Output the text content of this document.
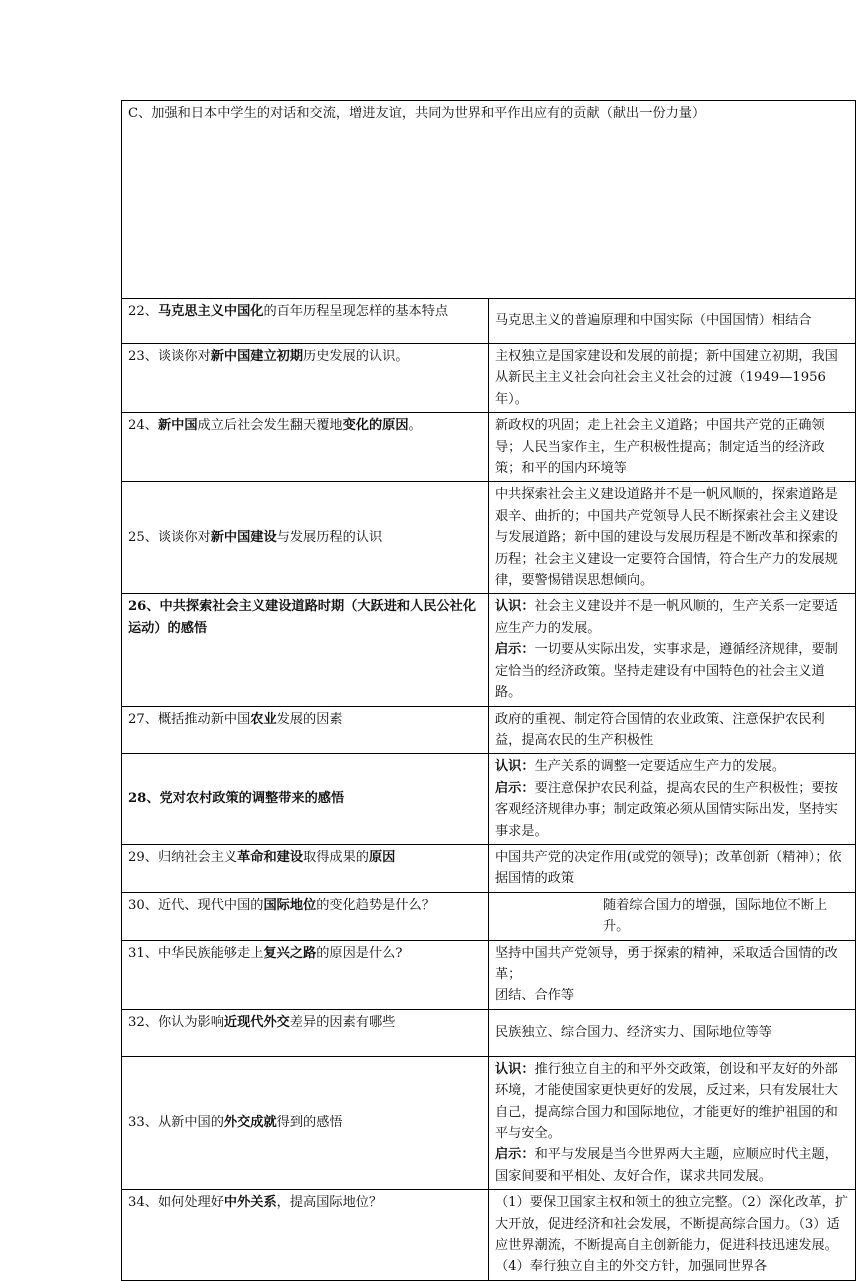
C、加强和日本中学生的对话和交流，增进友谊，共同为世界和平作出应有的贡献（献出一份力量）	

22、马克思主义中国化的百年历程呈现怎样的基本特点	马克思主义的普遍原理和中国实际（中国国情）相结合

23、谈谈你对新中国建立初期历史发展的认识。	主权独立是国家建设和发展的前提；新中国建立初期，我国从新民主主义社会向社会主义社会的过渡（1949—1956年）。

24、新中国成立后社会发生翻天覆地变化的原因。	新政权的巩固；走上社会主义道路；中国共产党的正确领导；人民当家作主，生产积极性提高；制定适当的经济政策；和平的国内环境等

25、谈谈你对新中国建设与发展历程的认识	中共探索社会主义建设道路并不是一帆风顺的，探索道路是艰辛、曲折的；中国共产党领导人民不断探索社会主义建设与发展道路；新中国的建设与发展历程是不断改革和探索的历程；社会主义建设一定要符合国情，符合生产力的发展规律，要警惕错误思想倾向。

26、中共探索社会主义建设道路时期（大跃进和人民公社化运动）的感悟	认识：社会主义建设并不是一帆风顺的，生产关系一定要适应生产力的发展。
启示：一切要从实际出发，实事求是，遵循经济规律，要制定恰当的经济政策。坚持走建设有中国特色的社会主义道路。

27、概括推动新中国农业发展的因素	政府的重视、制定符合国情的农业政策、注意保护农民利益，提高农民的生产积极性

28、党对农村政策的调整带来的感悟	认识：生产关系的调整一定要适应生产力的发展。
启示：要注意保护农民利益，提高农民的生产积极性；要按客观经济规律办事；制定政策必须从国情实际出发，坚持实事求是。

29、归纳社会主义革命和建设取得成果的原因	中国共产党的决定作用(或党的领导)；改革创新（精神）；依据国情的政策

30、近代、现代中国的国际地位的变化趋势是什么？	随着综合国力的增强，国际地位不断上升。

31、中华民族能够走上复兴之路的原因是什么?	坚持中国共产党领导，勇于探索的精神，采取适合国情的改革；
团结、合作等

32、你认为影响近现代外交差异的因素有哪些	民族独立、综合国力、经济实力、国际地位等等

33、从新中国的外交成就得到的感悟	认识：推行独立自主的和平外交政策，创设和平友好的外部环境，才能使国家更快更好的发展，反过来，只有发展壮大自己，提高综合国力和国际地位，才能更好的维护祖国的和平与安全。
启示：和平与发展是当今世界两大主题，应顺应时代主题，国家间要和平相处、友好合作，谋求共同发展。

34、如何处理好中外关系，提高国际地位？	（1）要保卫国家主权和领土的独立完整。（2）深化改革，扩大开放，促进经济和社会发展，不断提高综合国力。（3）适应世界潮流，不断提高自主创新能力，促进科技迅速发展。（4）奉行独立自主的外交方针，加强同世界各
